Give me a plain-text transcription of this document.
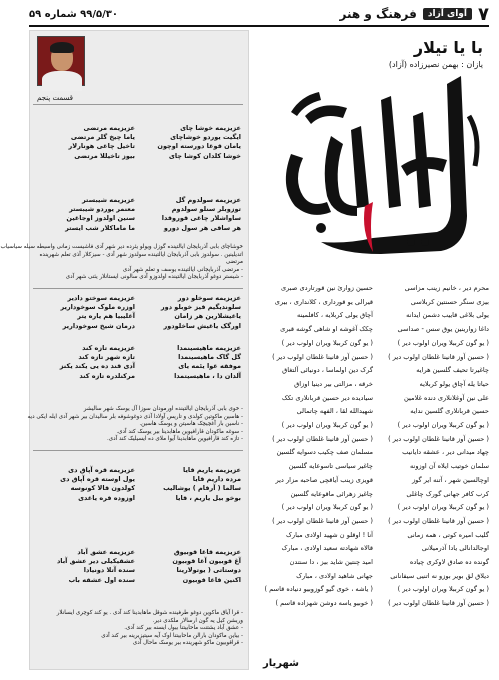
۷
آوای آزاد
فرهنگ و هنر
۹۹/۵/۳۰ شماره ۵۹
با یا تیلار
یازان : بهمن نصیرزاده (آزاد)
قسمت پنجم
عزیزیمه خوشا چای
ایگیت یوردو خوشاچای
یامان قوغا دورسته اوچون
خوشا کلدان کوشا چای
عزیزیمه مرتضی
یاما چیخ گلر مرتضی
تاخیل چاغی هونارلار
بیوز تاخیللا مرتضی
عزیزیمه سولدوم گل
توزوبلر سنلو سولدوم
ساواشلار چاغی قوروقدا
هر ساقی هر سول دورو
عزیزیمه شیبستر
معنمر یوردو شیبستر
سنین اولدوز اوجاغین
ما ماماکلار شب ایستر
خوشاچای بابی آذربایجان ایالتینده گوزل ویولو یئرده دیر شهر آدی فاشیست زمانی واسیطه سیله سیاسیاب
اتدیلینین . سولدوز بابی آذربایجان ایالتینده سولدوز شهر آدی - سیزکلار آذی تعلم شهرینده
مرتضی
- مرتضی آذربایجانی ایالتینده یوسف و تعلم شهر آدی
- شیستر دوغو آذربایجان ایالتینده اولدوزو آدی سالونی ایستانلار یئنی شهر آدی
عزیزیمه سوخلو دور
سلوندیگیم قیز خوبلو دور
یاغیشلارین هر زامان
اورگک یاغیش ساخلودور
عزیزیمه سوختو دادیر
اوزره ملوک سوخوداریر
آغلیبیا هم یاره یتر
درمان شیخ سوخوداریر
عزیزیمه ماهیسینمدا
گل گاک ماهیسینمدا
موفقه غوا یئمه یای
آلدان دا ، ماهیسیتمدا
عزیزیمه تازه کند
تازه شهر تازه کند
آدی قند ده یی یکند یکنز
مرکنلدره تازه کند
- خوی بابی آذربایجان ایالتینده اورمودان سوزا آل یوسک شهر سالیشر
- هاسین ماکوتین کولدی و تاریس آولادا آذی دوغوشوفه بلر سالیدان بیر شهر آدی ایله ایکی دیه
- ناسین بار آغچیچک هاسیتن و یوسک هاسین.
- سوغه ماکودان قارافیوین ماهابدینا بیر یوسک کند آدی.
- تازه کند قارافیوین ماهابدینا آیوا ملای ده ایسیلیک کند آدی.
عزیزیمه یاریم قایا
مرده داریم قایا
سالما ( آرقام ) یوشالیب
بوخو بیل یاریم ، قایا
عزیزیمه قره آپاق دی
یول اوسته قره آپاق دی
کولدون قالا کونوسه
اوزوده قره یاغدی
عزیزیمه قاغا قوبیوق
آغ قوبیون آغا قوبیون
دوستاتی ( یوتولارینا
اکنین قاغا قوبیون
عزیزیمه عشق آباد
عشقیکیلی دیر عشق آباد
سنده آتلا دونیادا
سنده اول عشقه باب
- قرا آیاق ماکوین دوغو طرفینده شوقل ماهابدینا کند آدی . یو کند کوچری ایسانلار
وریشن کیل یه گون ارسالار ملکدی دیر.
- عشق آباد یشتنت ماحابیتنا بیول ایسنه بیر کند آدی.
- بیاین ماکودان بارالن ماحابیتنا اوک آیه سیتیزیرینه بیر کند آدی
- قراقوبیون ماکو شهرینده بیر یوسک ماحال آدی
محرم دیر ، خانیم زینب مزاسی
بیزی سنگر حسنتین کربلاسی
یولی بلاغی قاییب دشمن ایدانه
داغا زوارینین یوق سس - صداسی
( یو گون کرببلا ویران اولوب دیر )
( حسین آوز قانینا غلطان اولوب دیر )
چاغیرتا تحیف گلسین هرایه
حیاتا یله آچاق یولو کربلایه
علی نین آوغلانلاری دنده غلامین
حسین قربانلاری گلسین ندایه
( یو گون کرببلا ویران اولوب دیر )
( حسین آوز قانینا غلطان اولوب دیر )
چهاد میدانی دیر ، عشقه دایانیب
سلمان خوتیب ایلاه آن اوزونه
اوچالسین شهر ، آتنه ایر گوز
کرب کافر جهانی گورک چاغلی
( یو گون کرببلا ویران اولوب دیر )
( حسین آوز قانینا غلطان اولوب دیر )
گلیب امیره کوتی ، همه زمانی
اوجالدانالی یادا آذرمیلانی
گونده ده صادق لاوکری چیاده
دیلاق لق بویر بوزو نه اتنیی سیفانانی
( یو گون کرببلا ویران اولوب دیر )
( حسین آوز قانینا غلطان اولوب دیر )
حسین زوارئ نین قورتاردی صبری
قیرالی یو قورداری ، کلانداری ، بیری
آچاق یولی کربلایه ، کافلمینه
چکک آغوشه او شاهی گوشه قبری
( یو گون کرببلا ویران اولوب دیر )
( حسین آوز قانینا غلطان اولوب دیر )
گرک دین اولماسا ، دونیائی آلتغاق
خرقه ، مزالتی بیر دینیا اوزاق
سیادیده دیر حسین قربانلاری تکک
شهیدالله لقا ، الفهه چاتمالی
( یو گون کرببلا ویران اولوب دیر )
( حسین آوز قانینا غلطان اولوب دیر )
مسلمان صف چکیب دسوایه گلسین
چاغیر سیاسی تاسوعایه گلسین
قویزی زینب آیاقچی صاحبه مزار دیر
چاغیز زهرائی ماقوعایه گلسین
( یو گون کرببلا ویران اولوب دیر )
( حسین آوز قانینا غلطان اولوب دیر )
آنا ! اوقلو ن شهید اولادی مبارک
قالاه شهادته سعید اولادی ، مبارک
امید چنتین شاید بیز ، دا سنتدن
جهانی شاهید اولادی ، مبارک
( یاشه ، خوی گیو گوزوبیو دنیاده قاسم )
( خوبیو یاسه دوشن شهزاده قاسم )
شهریار
